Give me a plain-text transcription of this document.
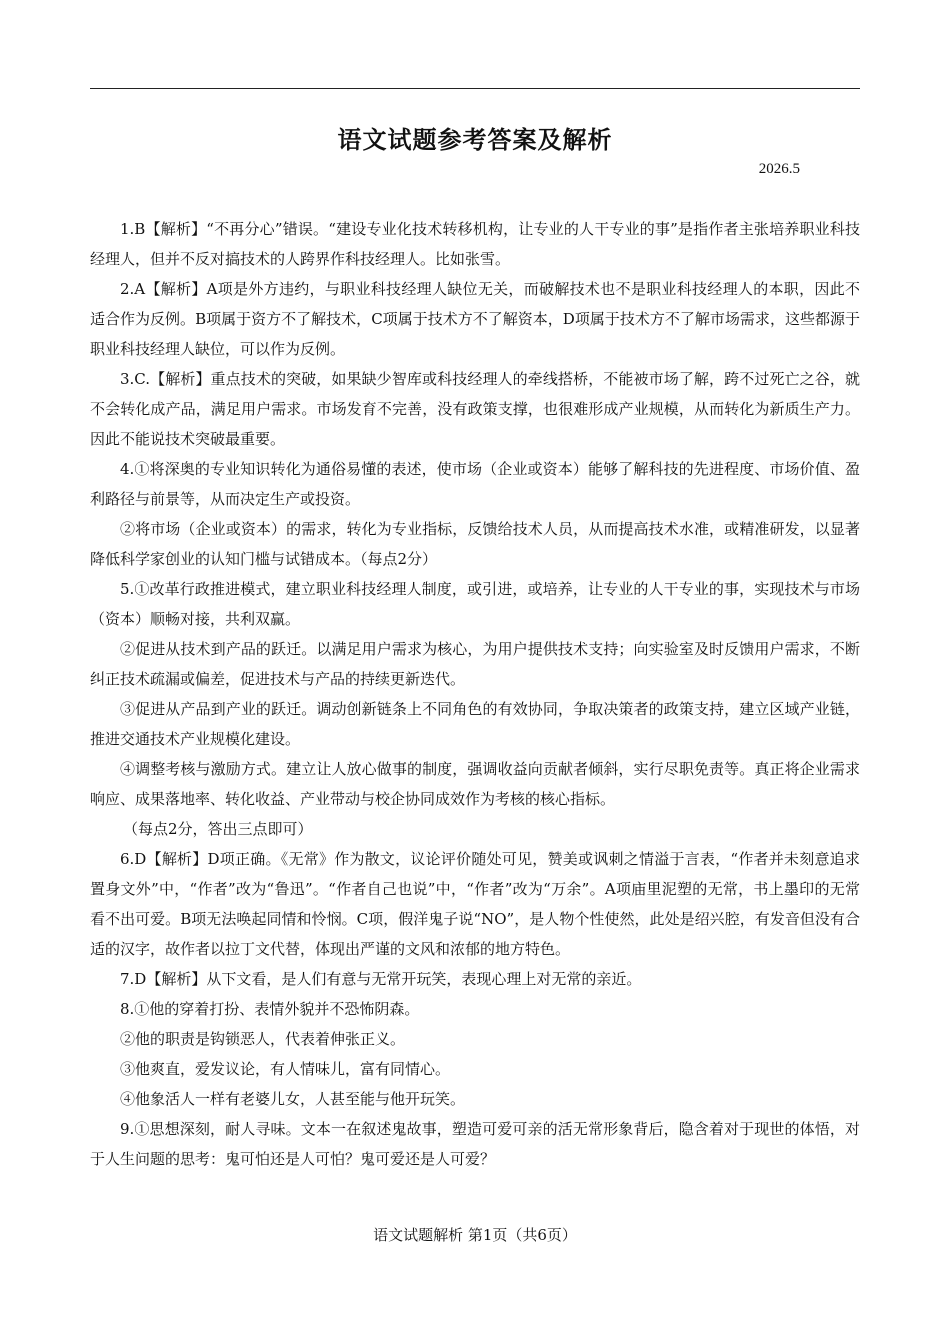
语文试题参考答案及解析
2026.5

1.B【解析】“不再分心”错误。“建设专业化技术转移机构，让专业的人干专业的事”是指作者主张培养职业科技经理人，但并不反对搞技术的人跨界作科技经理人。比如张雪。

2.A【解析】A项是外方违约，与职业科技经理人缺位无关，而破解技术也不是职业科技经理人的本职，因此不适合作为反例。B项属于资方不了解技术，C项属于技术方不了解资本，D项属于技术方不了解市场需求，这些都源于职业科技经理人缺位，可以作为反例。

3.C.【解析】重点技术的突破，如果缺少智库或科技经理人的牵线搭桥，不能被市场了解，跨不过死亡之谷，就不会转化成产品，满足用户需求。市场发育不完善，没有政策支撑，也很难形成产业规模，从而转化为新质生产力。因此不能说技术突破最重要。

4.①将深奥的专业知识转化为通俗易懂的表述，使市场（企业或资本）能够了解科技的先进程度、市场价值、盈利路径与前景等，从而决定生产或投资。

②将市场（企业或资本）的需求，转化为专业指标，反馈给技术人员，从而提高技术水准，或精准研发，以显著降低科学家创业的认知门槛与试错成本。（每点2分）

5.①改革行政推进模式，建立职业科技经理人制度，或引进，或培养，让专业的人干专业的事，实现技术与市场（资本）顺畅对接，共利双赢。

②促进从技术到产品的跃迁。以满足用户需求为核心，为用户提供技术支持；向实验室及时反馈用户需求，不断纠正技术疏漏或偏差，促进技术与产品的持续更新迭代。

③促进从产品到产业的跃迁。调动创新链条上不同角色的有效协同，争取决策者的政策支持，建立区域产业链，推进交通技术产业规模化建设。

④调整考核与激励方式。建立让人放心做事的制度，强调收益向贡献者倾斜，实行尽职免责等。真正将企业需求响应、成果落地率、转化收益、产业带动与校企协同成效作为考核的核心指标。

（每点2分，答出三点即可）

6.D【解析】D项正确。《无常》作为散文，议论评价随处可见，赞美或讽刺之情溢于言表，“作者并未刻意追求置身文外”中，“作者”改为“鲁迅”。“作者自己也说”中，“作者”改为“万余”。A项庙里泥塑的无常，书上墨印的无常看不出可爱。B项无法唤起同情和怜悯。C项，假洋鬼子说“NO”，是人物个性使然，此处是绍兴腔，有发音但没有合适的汉字，故作者以拉丁文代替，体现出严谨的文风和浓郁的地方特色。

7.D【解析】从下文看，是人们有意与无常开玩笑，表现心理上对无常的亲近。

8.①他的穿着打扮、表情外貌并不恐怖阴森。

②他的职责是钩锁恶人，代表着伸张正义。

③他爽直，爱发议论，有人情味儿，富有同情心。

④他象活人一样有老婆儿女，人甚至能与他开玩笑。

9.①思想深刻，耐人寻味。文本一在叙述鬼故事，塑造可爱可亲的活无常形象背后，隐含着对于现世的体悟，对于人生问题的思考：鬼可怕还是人可怕？鬼可爱还是人可爱？

语文试题解析 第1页（共6页）
